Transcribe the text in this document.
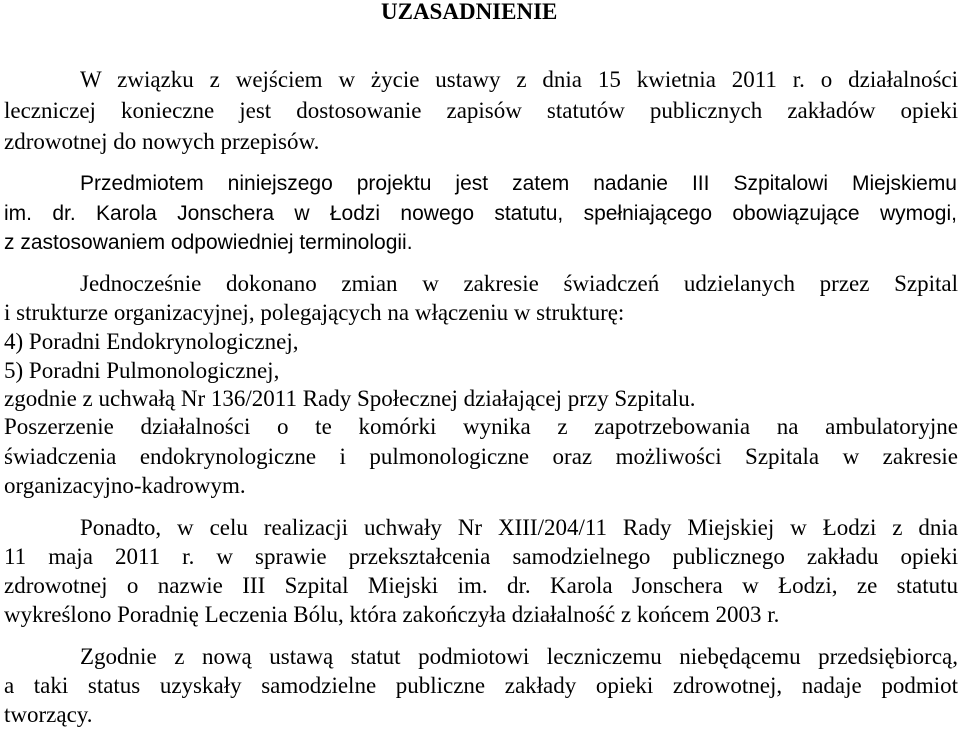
UZASADNIENIE
W związku z wejściem w życie ustawy z dnia 15 kwietnia 2011 r. o działalności
leczniczej konieczne jest dostosowanie zapisów statutów publicznych zakładów opieki
zdrowotnej do nowych przepisów.
Przedmiotem niniejszego projektu jest zatem nadanie III Szpitalowi Miejskiemu
im. dr. Karola Jonschera w Łodzi nowego statutu, spełniającego obowiązujące wymogi,
z zastosowaniem odpowiedniej terminologii.
Jednocześnie dokonano zmian w zakresie świadczeń udzielanych przez Szpital
i strukturze organizacyjnej, polegających na włączeniu w strukturę:
4) Poradni Endokrynologicznej,
5) Poradni Pulmonologicznej,
zgodnie z uchwałą Nr 136/2011 Rady Społecznej działającej przy Szpitalu.
Poszerzenie działalności o te komórki wynika z zapotrzebowania na ambulatoryjne
świadczenia endokrynologiczne i pulmonologiczne oraz możliwości Szpitala w zakresie
organizacyjno-kadrowym.
Ponadto, w celu realizacji uchwały Nr XIII/204/11 Rady Miejskiej w Łodzi z dnia
11 maja 2011 r. w sprawie przekształcenia samodzielnego publicznego zakładu opieki
zdrowotnej o nazwie III Szpital Miejski im. dr. Karola Jonschera w Łodzi, ze statutu
wykreślono Poradnię Leczenia Bólu, która zakończyła działalność z końcem 2003 r.
Zgodnie z nową ustawą statut podmiotowi leczniczemu niebędącemu przedsiębiorcą,
a taki status uzyskały samodzielne publiczne zakłady opieki zdrowotnej, nadaje podmiot
tworzący.
